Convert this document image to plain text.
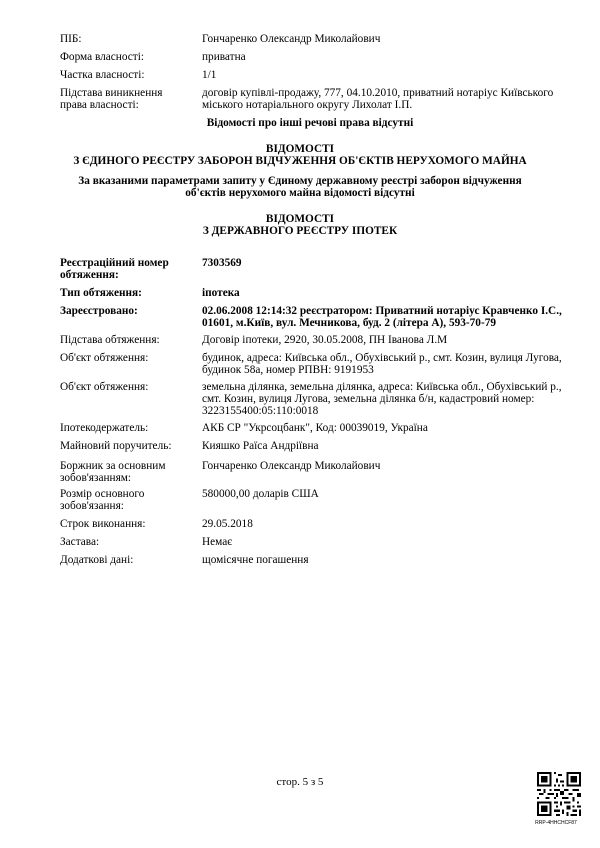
ПІБ:	Гончаренко Олександр Миколайович
Форма власності:	приватна
Частка власності:	1/1
Підстава виникнення права власності:
договір купівлі-продажу, 777, 04.10.2010, приватний нотаріус Київського міського нотаріального округу Лихолат І.П.
Відомості про інші речові права відсутні
ВІДОМОСТІ
З ЄДИНОГО РЕЄСТРУ ЗАБОРОН ВІДЧУЖЕННЯ ОБ'ЄКТІВ НЕРУХОМОГО МАЙНА
За вказаними параметрами запиту у Єдиному державному реєстрі заборон відчуження
об'єктів нерухомого майна відомості відсутні
ВІДОМОСТІ
З ДЕРЖАВНОГО РЕЄСТРУ ІПОТЕК
Реєстраційний номер обтяження:
7303569
Тип обтяження:	іпотека
Зареєстровано:	02.06.2008 12:14:32 реєстратором: Приватний нотаріус Кравченко І.С., 01601, м.Київ, вул. Мечникова, буд. 2 (літера А), 593-70-79
Підстава обтяження:	Договір іпотеки, 2920, 30.05.2008, ПН Іванова Л.М
Об'єкт обтяження:	будинок, адреса: Київська обл., Обухівський р., смт. Козин, вулиця Лугова, будинок 58а, номер РПВН: 9191953
Об'єкт обтяження:	земельна ділянка, земельна ділянка, адреса: Київська обл., Обухівський р., смт. Козин, вулиця Лугова, земельна ділянка б/н, кадастровий номер: 3223155400:05:110:0018
Іпотекодержатель:	АКБ СР "Укрсоцбанк", Код: 00039019, Україна
Майновий поручитель:	Кияшко Раїса Андріївна
Боржник за основним зобов'язанням:
Гончаренко Олександр Миколайович
Розмір основного зобов'язання:
580000,00 доларів США
Строк виконання:	29.05.2018
Застава:	Немає
Додаткові дані:	щомісячне погашення
стор. 5 з 5
RRP-4HHCHCF87
